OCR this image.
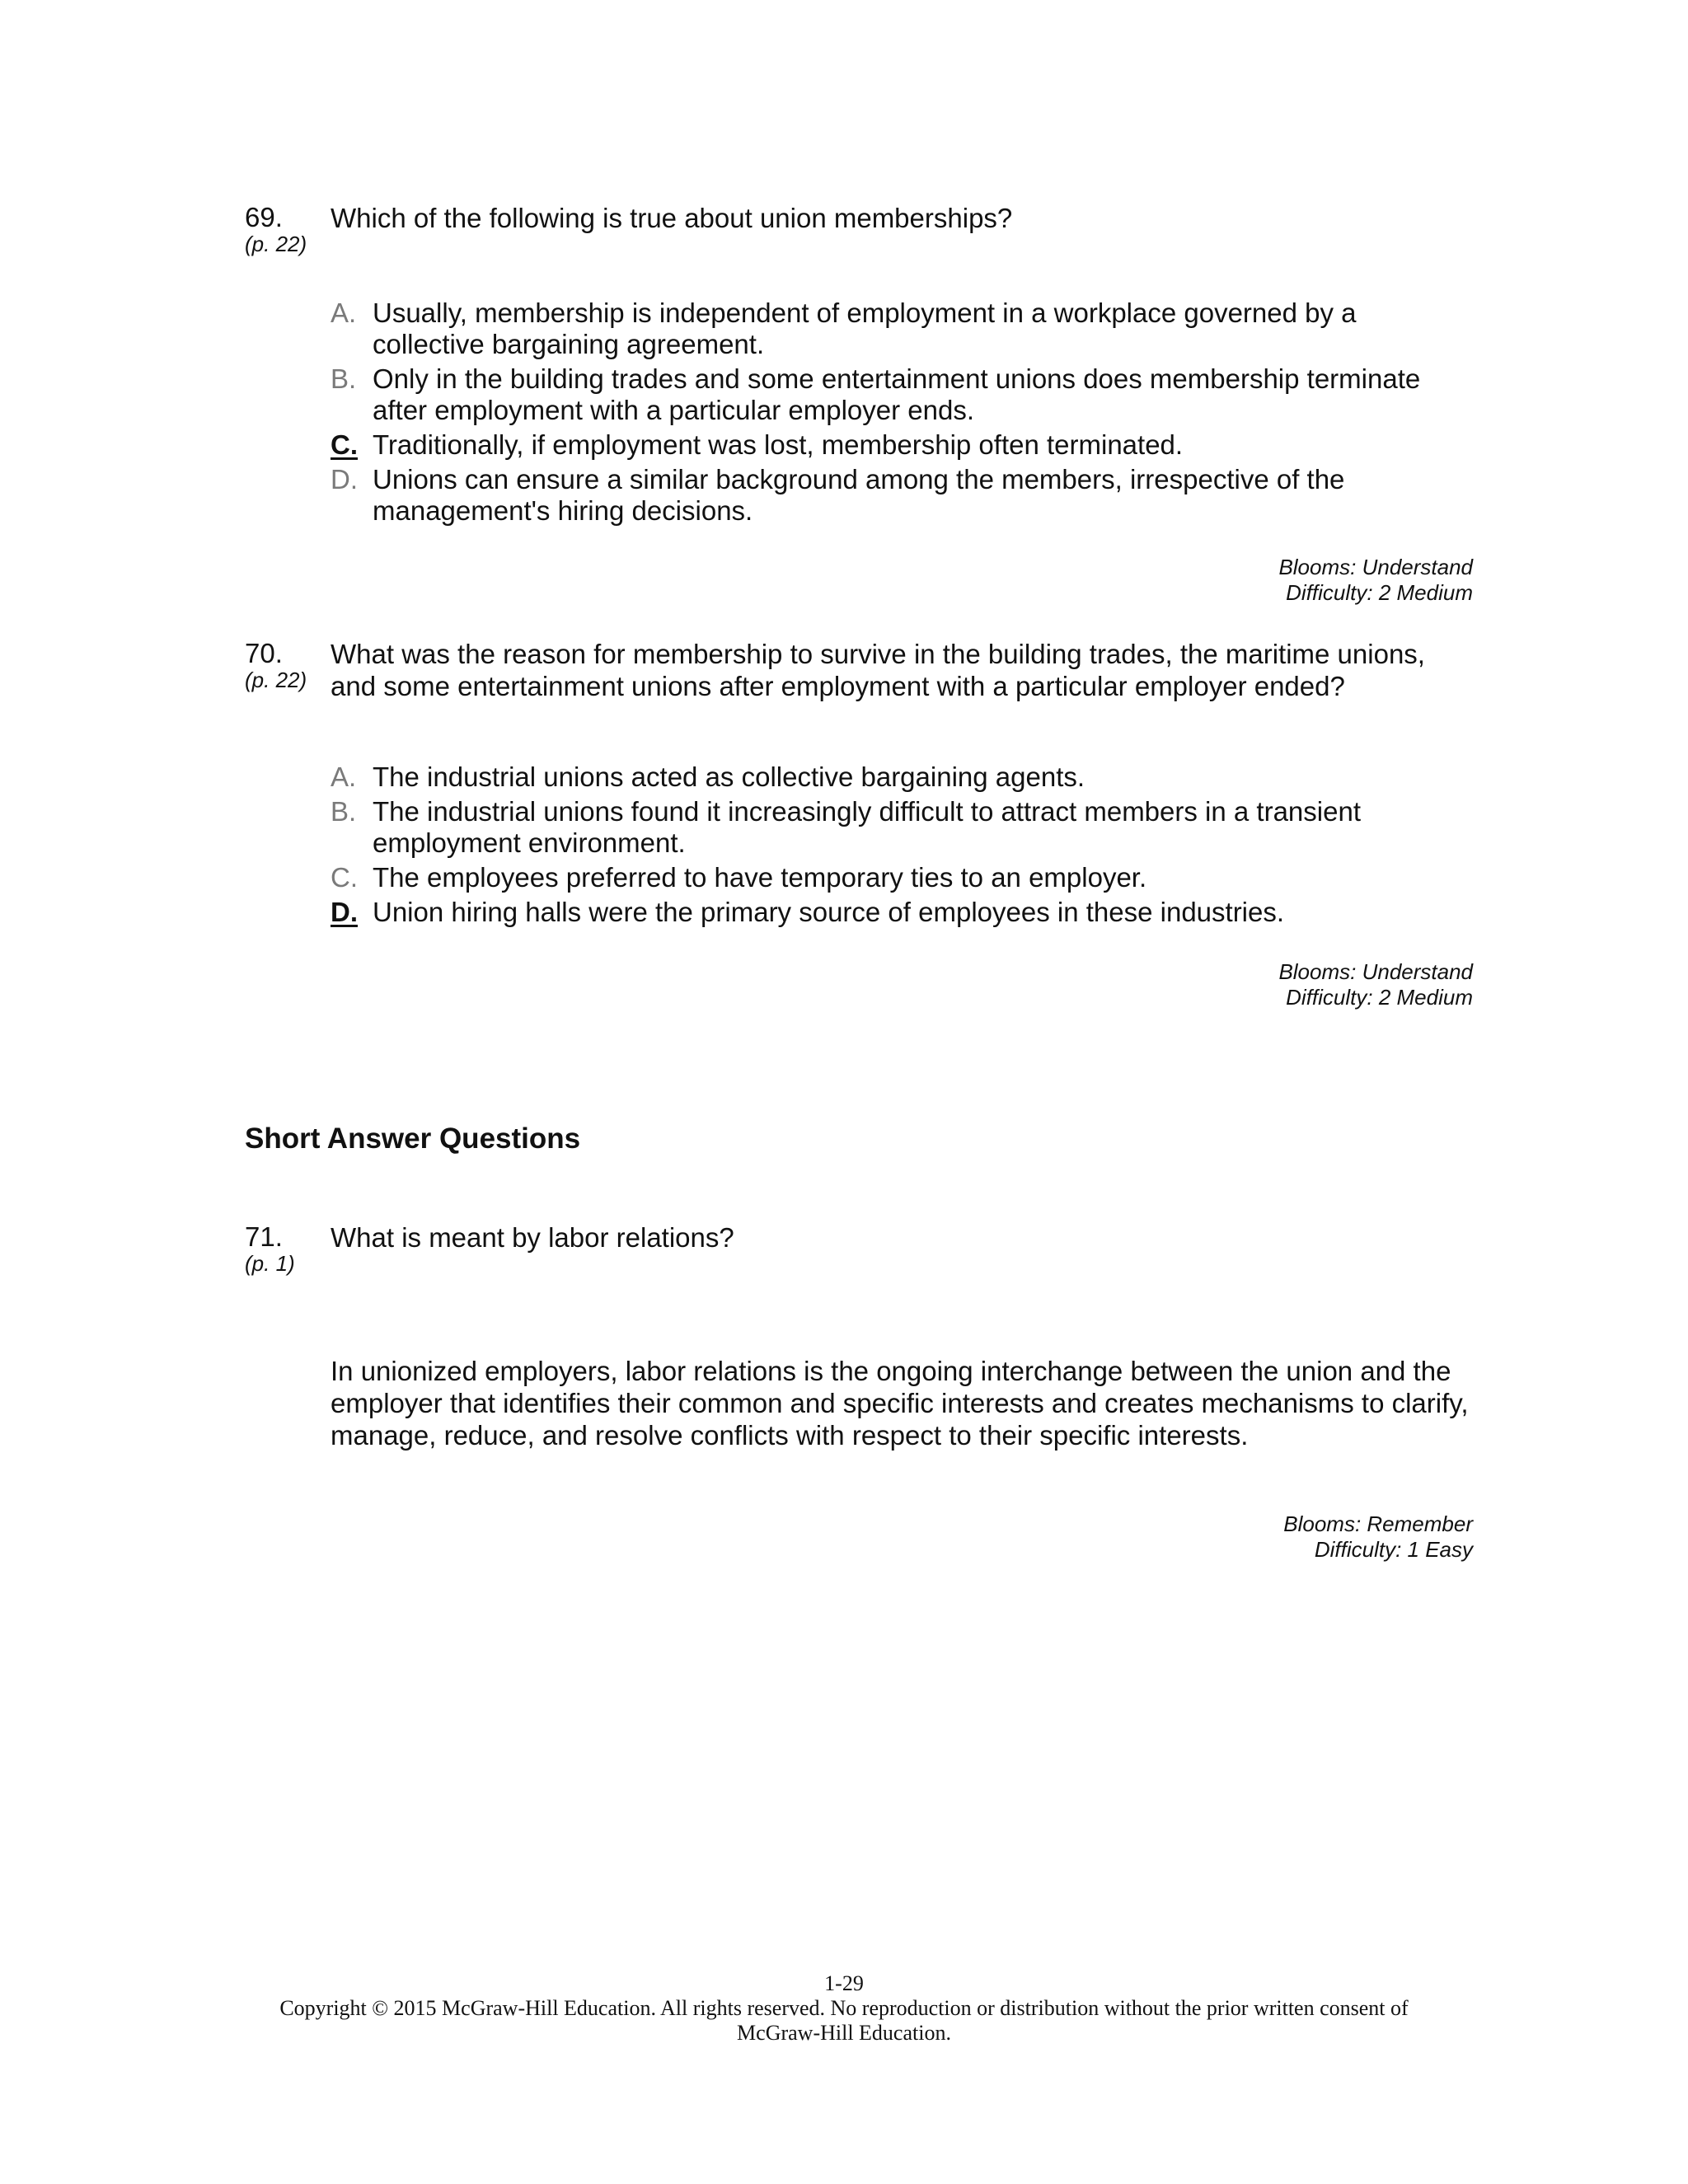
69.
(p. 22)
Which of the following is true about union memberships?
A. Usually, membership is independent of employment in a workplace governed by a collective bargaining agreement.
B. Only in the building trades and some entertainment unions does membership terminate after employment with a particular employer ends.
C. Traditionally, if employment was lost, membership often terminated.
D. Unions can ensure a similar background among the members, irrespective of the management's hiring decisions.
Blooms: Understand
Difficulty: 2 Medium
70.
(p. 22)
What was the reason for membership to survive in the building trades, the maritime unions, and some entertainment unions after employment with a particular employer ended?
A. The industrial unions acted as collective bargaining agents.
B. The industrial unions found it increasingly difficult to attract members in a transient employment environment.
C. The employees preferred to have temporary ties to an employer.
D. Union hiring halls were the primary source of employees in these industries.
Blooms: Understand
Difficulty: 2 Medium
Short Answer Questions
71.
(p. 1)
What is meant by labor relations?
In unionized employers, labor relations is the ongoing interchange between the union and the employer that identifies their common and specific interests and creates mechanisms to clarify, manage, reduce, and resolve conflicts with respect to their specific interests.
Blooms: Remember
Difficulty: 1 Easy
1-29
Copyright © 2015 McGraw-Hill Education. All rights reserved. No reproduction or distribution without the prior written consent of McGraw-Hill Education.
